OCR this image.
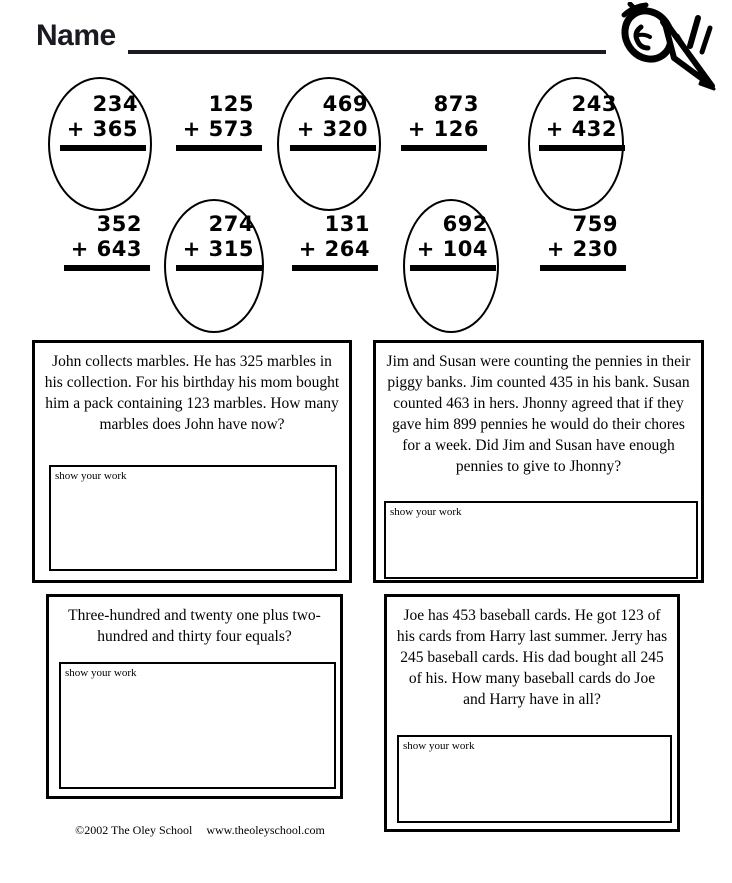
Name
234
+ 365
125
+ 573
469
+ 320
873
+ 126
243
+ 432
352
+ 643
274
+ 315
131
+ 264
692
+ 104
759
+ 230
John collects marbles. He has 325 marbles in his collection. For his birthday his mom bought him a pack containing 123 marbles. How many marbles does John have now?
show your work
Jim and Susan were counting the pennies in their piggy banks. Jim counted 435 in his bank. Susan counted 463 in hers. Jhonny agreed that if they gave him 899 pennies he would do their chores for a week. Did Jim and Susan have enough pennies to give to Jhonny?
show your work
Three-hundred and twenty one plus two-hundred and thirty four equals?
show your work
Joe has 453 baseball cards. He got 123 of his cards from Harry last summer. Jerry has 245 baseball cards. His dad bought all 245 of his. How many baseball cards do Joe and Harry have in all?
show your work

©2002 The Oley School www.theoleyschool.com
